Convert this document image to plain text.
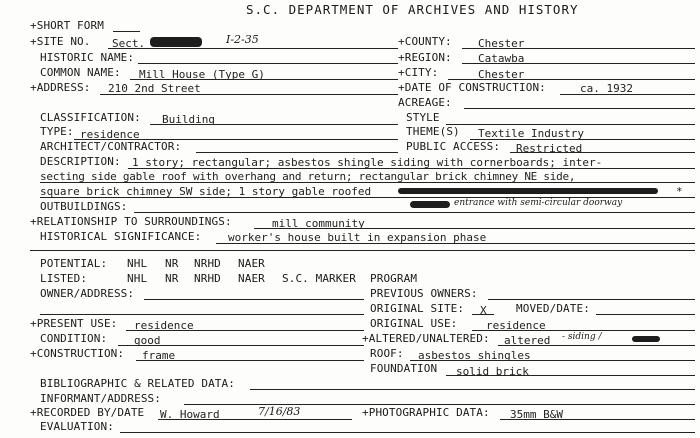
S.C. DEPARTMENT OF ARCHIVES AND HISTORY
+SHORT FORM
+SITE NO. Sect.	I-2-35	+COUNTY: Chester
HISTORIC NAME:	+REGION: Catawba
COMMON NAME: Mill House (Type G)	+CITY:	Chester
+ADDRESS: 210 2nd Street	+DATE OF CONSTRUCTION:	ca. 1932
ACREAGE:
CLASSIFICATION: Building	STYLE
TYPE: residence	THEME(S) Textile Industry
ARCHITECT/CONTRACTOR:	PUBLIC ACCESS: Restricted
DESCRIPTION: 1 story; rectangular; asbestos shingle siding with cornerboards; inter-
secting side gable roof with overhang and return; rectangular brick chimney NE side,
square brick chimney SW side; 1 story gable roofed	*
OUTBUILDINGS:	entrance with semi-circular doorway
+RELATIONSHIP TO SURROUNDINGS:	mill community
HISTORICAL SIGNIFICANCE: worker's house built in expansion phase
POTENTIAL: NHL NR NRHD NAER
LISTED:	NHL NR NRHD NAER S.C. MARKER PROGRAM
OWNER/ADDRESS:	PREVIOUS OWNERS:
ORIGINAL SITE: X	MOVED/DATE:
+PRESENT USE: residence	ORIGINAL USE:	residence
CONDITION: good	+ALTERED/UNALTERED: altered - siding /
+CONSTRUCTION: frame	ROOF: asbestos shingles
FOUNDATION solid brick
BIBLIOGRAPHIC & RELATED DATA:
INFORMANT/ADDRESS:
+RECORDED BY/DATE W. Howard	7/16/83	+PHOTOGRAPHIC DATA: 35mm B&W
EVALUATION:
